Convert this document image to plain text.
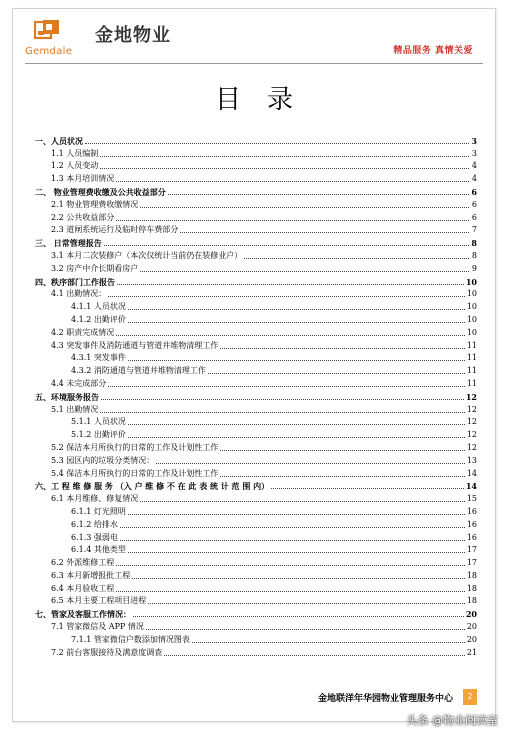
Gemdale
金地物业
精品服务 真情关爱
目录
一、人员状况	3
1.1 人员编制	3
1.2 人员变动	4
1.3 本月培训情况	4
二、 物业管理费收缴及公共收益部分	6
2.1 物业管理费收缴情况	6
2.2 公共收益部分	6
2.3 道闸系统运行及临时停车费部分	7
三、 日常管理报告	8
3.1 本月二次装修户（本次仅统计当前仍在装修业户）	8
3.2 房产中介长期看房户	9
四、秩序部门工作报告	10
4.1 出勤情况：	10
4.1.1 人员状况	10
4.1.2 出勤评价	10
4.2 职责完成情况	10
4.3 突发事件及消防通道与管道井堆物清理工作	11
4.3.1 突发事件	11
4.3.2 消防通道与管道井堆物清理工作	11
4.4 未完成部分	11
五、环境服务报告	12
5.1 出勤情况	12
5.1.1 人员状况	12
5.1.2 出勤评价	12
5.2 保洁本月所执行的日常的工作及计划性工作	12
5.3 园区内的垃圾分类情况：	13
5.4 保洁本月所执行的日常的工作及计划性工作	14
六、工 程 维 修 服 务 （入 户 维 修 不 在 此 表 统 计 范 围 内）	14
6.1 本月维修、修复情况	15
6.1.1 灯光照明	16
6.1.2 给排水	16
6.1.3 强弱电	16
6.1.4 其他类型	17
6.2 外派维修工程	17
6.3 本月新增报批工程	18
6.4 本月验收工程	18
6.5 本月主要工程项目进程	18
七、管家及客服工作情况：	20
7.1 管家微信及 APP 情况	20
7.1.1 管家微信户数添加情况图表	20
7.2 前台客服接待及满意度调查	21
金地联洋年华园物业管理服务中心	2
头条 @物业阅读室
